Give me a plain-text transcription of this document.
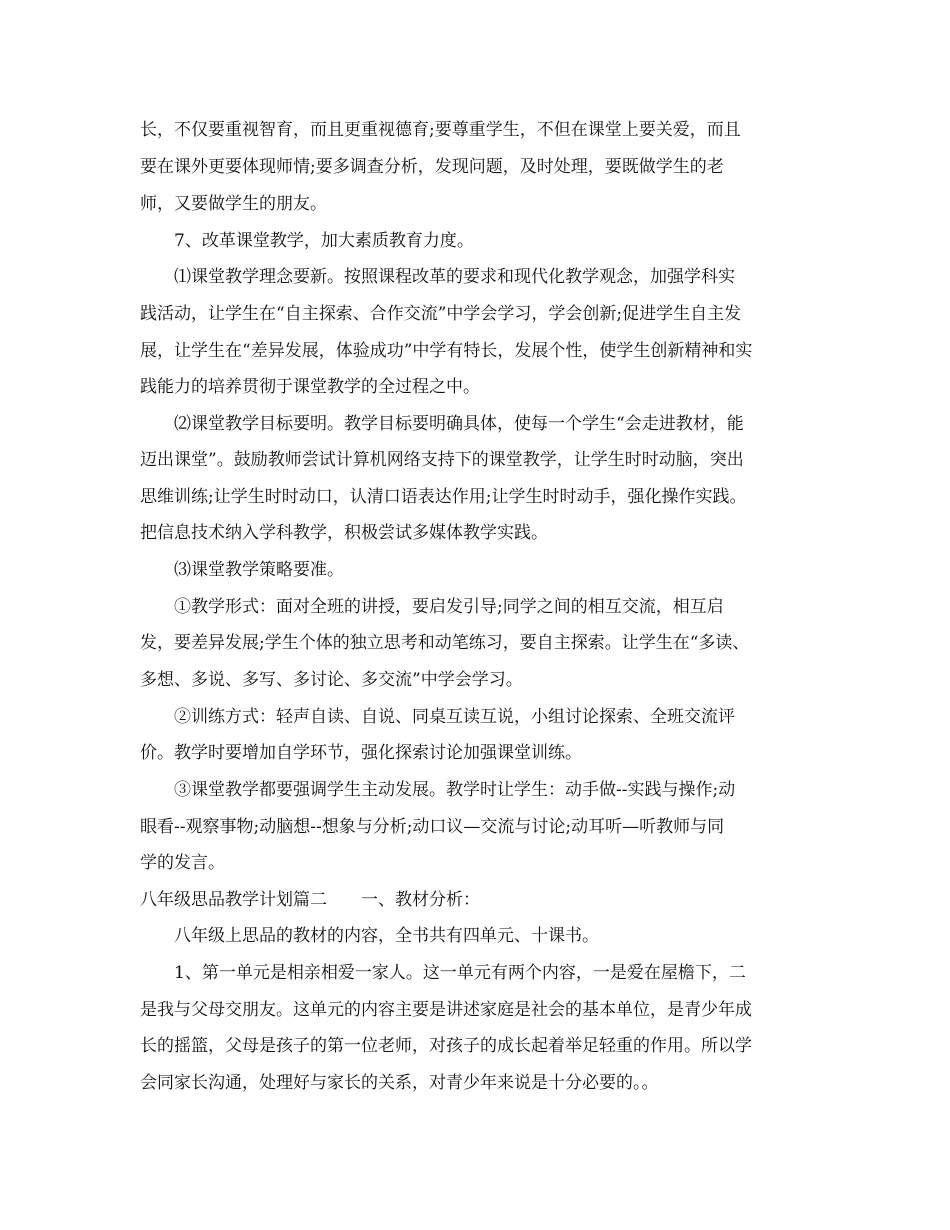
长，不仅要重视智育，而且更重视德育;要尊重学生，不但在课堂上要关爱，而且
要在课外更要体现师情;要多调查分析，发现问题，及时处理，要既做学生的老
师，又要做学生的朋友。
7、改革课堂教学，加大素质教育力度。
⑴课堂教学理念要新。按照课程改革的要求和现代化教学观念，加强学科实
践活动，让学生在“自主探索、合作交流”中学会学习，学会创新;促进学生自主发
展，让学生在“差异发展，体验成功”中学有特长，发展个性，使学生创新精神和实
践能力的培养贯彻于课堂教学的全过程之中。
⑵课堂教学目标要明。教学目标要明确具体，使每一个学生“会走进教材，能
迈出课堂”。鼓励教师尝试计算机网络支持下的课堂教学，让学生时时动脑，突出
思维训练;让学生时时动口，认清口语表达作用;让学生时时动手，强化操作实践。
把信息技术纳入学科教学，积极尝试多媒体教学实践。
⑶课堂教学策略要准。
①教学形式：面对全班的讲授，要启发引导;同学之间的相互交流，相互启
发，要差异发展;学生个体的独立思考和动笔练习，要自主探索。让学生在“多读、
多想、多说、多写、多讨论、多交流”中学会学习。
②训练方式：轻声自读、自说、同桌互读互说，小组讨论探索、全班交流评
价。教学时要增加自学环节，强化探索讨论加强课堂训练。
③课堂教学都要强调学生主动发展。教学时让学生：动手做--实践与操作;动
眼看--观察事物;动脑想--想象与分析;动口议—交流与讨论;动耳听—听教师与同
学的发言。
八年级思品教学计划篇二　　一、教材分析：
八年级上思品的教材的内容，全书共有四单元、十课书。
1、第一单元是相亲相爱一家人。这一单元有两个内容，一是爱在屋檐下，二
是我与父母交朋友。这单元的内容主要是讲述家庭是社会的基本单位，是青少年成
长的摇篮，父母是孩子的第一位老师，对孩子的成长起着举足轻重的作用。所以学
会同家长沟通，处理好与家长的关系，对青少年来说是十分必要的。。
